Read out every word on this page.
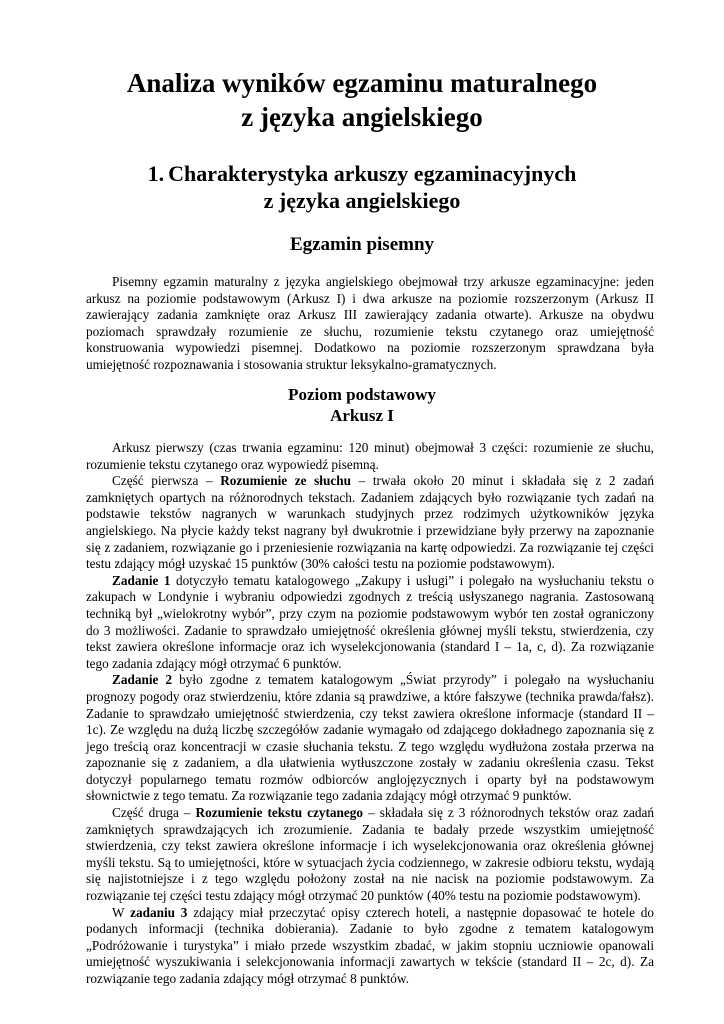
Analiza wyników egzaminu maturalnego
z języka angielskiego
1. Charakterystyka arkuszy egzaminacyjnych
z języka angielskiego
Egzamin pisemny

Pisemny egzamin maturalny z języka angielskiego obejmował trzy arkusze egzaminacyjne: jeden arkusz na poziomie podstawowym (Arkusz I) i dwa arkusze na poziomie rozszerzonym (Arkusz II zawierający zadania zamknięte oraz Arkusz III zawierający zadania otwarte). Arkusze na obydwu poziomach sprawdzały rozumienie ze słuchu, rozumienie tekstu czytanego oraz umiejętność konstruowania wypowiedzi pisemnej. Dodatkowo na poziomie rozszerzonym sprawdzana była umiejętność rozpoznawania i stosowania struktur leksykalno-gramatycznych.

Poziom podstawowy
Arkusz I

Arkusz pierwszy (czas trwania egzaminu: 120 minut) obejmował 3 części: rozumienie ze słuchu, rozumienie tekstu czytanego oraz wypowiedź pisemną.

Część pierwsza – Rozumienie ze słuchu – trwała około 20 minut i składała się z 2 zadań zamkniętych opartych na różnorodnych tekstach. Zadaniem zdających było rozwiązanie tych zadań na podstawie tekstów nagranych w warunkach studyjnych przez rodzimych użytkowników języka angielskiego. Na płycie każdy tekst nagrany był dwukrotnie i przewidziane były przerwy na zapoznanie się z zadaniem, rozwiązanie go i przeniesienie rozwiązania na kartę odpowiedzi. Za rozwiązanie tej części testu zdający mógł uzyskać 15 punktów (30% całości testu na poziomie podstawowym).

Zadanie 1 dotyczyło tematu katalogowego „Zakupy i usługi” i polegało na wysłuchaniu tekstu o zakupach w Londynie i wybraniu odpowiedzi zgodnych z treścią usłyszanego nagrania. Zastosowaną techniką był „wielokrotny wybór”, przy czym na poziomie podstawowym wybór ten został ograniczony do 3 możliwości. Zadanie to sprawdzało umiejętność określenia głównej myśli tekstu, stwierdzenia, czy tekst zawiera określone informacje oraz ich wyselekcjonowania (standard I – 1a, c, d). Za rozwiązanie tego zadania zdający mógł otrzymać 6 punktów.

Zadanie 2 było zgodne z tematem katalogowym „Świat przyrody” i polegało na wysłuchaniu prognozy pogody oraz stwierdzeniu, które zdania są prawdziwe, a które fałszywe (technika prawda/fałsz). Zadanie to sprawdzało umiejętność stwierdzenia, czy tekst zawiera określone informacje (standard II – 1c). Ze względu na dużą liczbę szczegółów zadanie wymagało od zdającego dokładnego zapoznania się z jego treścią oraz koncentracji w czasie słuchania tekstu. Z tego względu wydłużona została przerwa na zapoznanie się z zadaniem, a dla ułatwienia wytłuszczone zostały w zadaniu określenia czasu. Tekst dotyczył popularnego tematu rozmów odbiorców anglojęzycznych i oparty był na podstawowym słownictwie z tego tematu. Za rozwiązanie tego zadania zdający mógł otrzymać 9 punktów.

Część druga – Rozumienie tekstu czytanego – składała się z 3 różnorodnych tekstów oraz zadań zamkniętych sprawdzających ich zrozumienie. Zadania te badały przede wszystkim umiejętność stwierdzenia, czy tekst zawiera określone informacje i ich wyselekcjonowania oraz określenia głównej myśli tekstu. Są to umiejętności, które w sytuacjach życia codziennego, w zakresie odbioru tekstu, wydają się najistotniejsze i z tego względu położony został na nie nacisk na poziomie podstawowym. Za rozwiązanie tej części testu zdający mógł otrzymać 20 punktów (40% testu na poziomie podstawowym).

W zadaniu 3 zdający miał przeczytać opisy czterech hoteli, a następnie dopasować te hotele do podanych informacji (technika dobierania). Zadanie to było zgodne z tematem katalogowym „Podróżowanie i turystyka” i miało przede wszystkim zbadać, w jakim stopniu uczniowie opanowali umiejętność wyszukiwania i selekcjonowania informacji zawartych w tekście (standard II – 2c, d). Za rozwiązanie tego zadania zdający mógł otrzymać 8 punktów.
